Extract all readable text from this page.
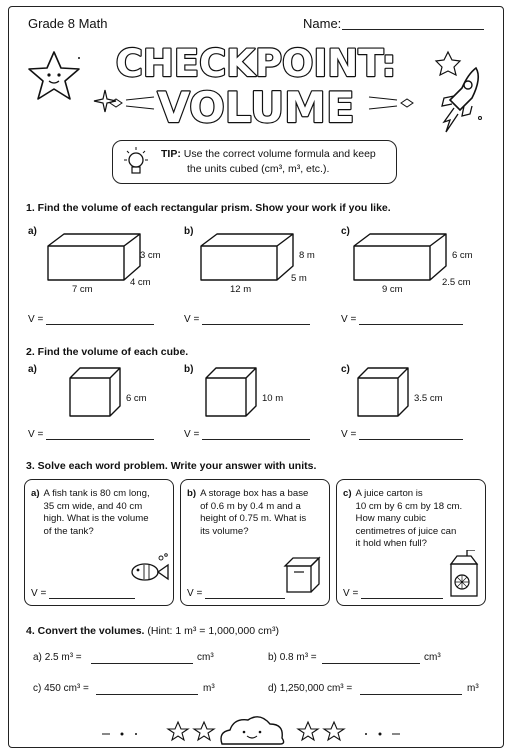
Grade 8 Math	Name:
CHECKPOINT:
VOLUME
TIP: Use the correct volume formula and keep
the units cubed (cm³, m³, etc.).
1. Find the volume of each rectangular prism. Show your work if you like.
a)
3 cm
4 cm
7 cm
V =
b)
8 m
5 m
12 m
V =
c)
6 cm
2.5 cm
9 cm
V =
2. Find the volume of each cube.
a)
6 cm
V =
b)
10 m
V =
c)
3.5 cm
V =
3. Solve each word problem. Write your answer with units.
a) A fish tank is 80 cm long,
35 cm wide, and 40 cm
high. What is the volume
of the tank?
V =
b) A storage box has a base
of 0.6 m by 0.4 m and a
height of 0.75 m. What is
its volume?
V =
c) A juice carton is
10 cm by 6 cm by 18 cm.
How many cubic
centimetres of juice can
it hold when full?
V =
4. Convert the volumes. (Hint: 1 m³ = 1,000,000 cm³)
a) 2.5 m³ =	cm³	b) 0.8 m³ =	cm³
c) 450 cm³ =	m³	d) 1,250,000 cm³ =	m³
